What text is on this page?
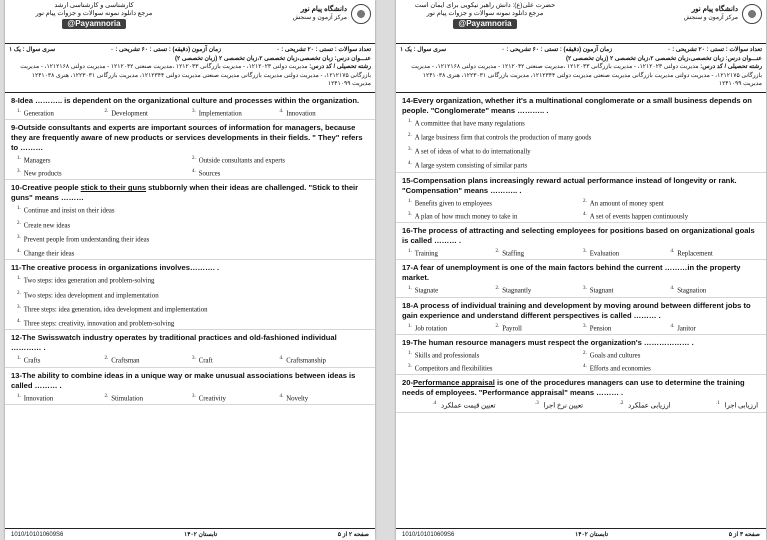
کارشناسی و کارشناسی ارشد
مرجع دانلود نمونه سوالات و جزوات پیام نور
@Payamnoria
دانشگاه پیام نور
مرکز آزمون و سنجش
تعداد سوالات : تستی : ۲۰ تشریحی : ۰
زمان آزمون (دقیقه) : تستی : ۶۰ تشریحی : ۰
سری سوال : یک ۱
عنـــوان درس: زبان تخصصی،زبان تخصصی ۲،زبان تخصصی ۲ (زبان تخصصی ۲)
رشته تحصیلی / کد درس: مدیریت دولتی ۱۲۱۲۰۲۳، - مدیریت بازرگانی ۱۲۱۲۰۳۳ ،مدیریت صنعتی ۱۲۱۲۰۴۲ - مدیریت دولتی ۱۲۱۲۱۶۸، - مدیریت بازرگانی ۱۲۱۲۱۷۵، - مدیریت دولتی مدیریت بازرگانی مدیریت صنعتی مدیریت دولتی ۱۲۱۲۳۴۴، مدیریت بازرگانی ۱۲۲۳۰۳۱، هنری ۱۲۴۱۰۳۸
مدیریت ۱۲۴۱۰۹۹
8-Idea ……….. is dependent on the organizational culture and processes within the organization.
$^{1.}$ Generation	$^{2.}$ Development	$^{3.}$ Implementation	$^{4.}$ Innovation
9-Outside consultants and experts are important sources of information for managers, because they are frequently aware of new products or services developments in their fields. " They" refers to ………
$^{1.}$ Managers	$^{2.}$ Outside consultants and experts
$^{3.}$ New products	$^{4.}$ Sources
10-Creative people stick to their guns stubbornly when their ideas are challenged. "Stick to their guns" means ………
$^{1.}$ Continue and insist on their ideas
$^{2.}$ Create new ideas
$^{3.}$ Prevent people from understanding their ideas
$^{4.}$ Change their ideas
11-The creative process in organizations involves………. .
$^{1.}$ Two steps: idea generation and problem-solving
$^{2.}$ Two steps: idea development and implementation
$^{3.}$ Three steps: idea generation, idea development and implementation
$^{4.}$ Three steps: creativity, innovation and problem-solving
12-The Swisswatch industry operates by traditional practices and old-fashioned individual ………… .
$^{1.}$ Crafts	$^{2.}$ Craftsman	$^{3.}$ Craft	$^{4.}$ Craftsmanship
13-The ability to combine ideas in a unique way or make unusual associations between ideas is called ……… .
$^{1.}$ Innovation	$^{2.}$ Stimulation	$^{3.}$ Creativity	$^{4.}$ Novelty
1010/101010609S6	تابستان ۱۴۰۲	صفحه ۲ از ۵
حضرت علی(ع): دانش راهبر نیکویی برای ایمان است
مرجع دانلود نمونه سوالات و جزوات پیام نور
@Payamnoria
دانشگاه پیام نور
مرکز آزمون و سنجش
تعداد سوالات : تستی : ۲۰ تشریحی : ۰
زمان آزمون (دقیقه) : تستی : ۶۰ تشریحی : ۰
سری سوال : یک ۱
عنـــوان درس: زبان تخصصی،زبان تخصصی ۲،زبان تخصصی ۲ (زبان تخصصی ۲)
رشته تحصیلی / کد درس: مدیریت دولتی ۱۲۱۲۰۲۳، - مدیریت بازرگانی ۱۲۱۲۰۳۳ ،مدیریت صنعتی ۱۲۱۲۰۴۲ - مدیریت دولتی ۱۲۱۲۱۶۸، - مدیریت بازرگانی ۱۲۱۲۱۷۵، - مدیریت دولتی مدیریت بازرگانی مدیریت صنعتی مدیریت دولتی ۱۲۱۲۳۴۴، مدیریت بازرگانی ۱۲۲۳۰۳۱، هنری ۱۲۴۱۰۳۸
مدیریت ۱۲۴۱۰۹۹
14-Every organization, whether it's a multinational conglomerate or a small business depends on people. "Conglomerate" means ……….. .
$^{1.}$ A committee that have many regulations
$^{2.}$ A large business firm that controls the production of many goods
$^{3.}$ A set of ideas of what to do internationally
$^{4.}$ A large system consisting of similar parts
15-Compensation plans increasingly reward actual performance instead of longevity or rank. "Compensation" means ……….. .
$^{1.}$ Benefits given to employees	$^{2.}$ An amount of money spent
$^{3.}$ A plan of how much money to take in	$^{4.}$ A set of events happen continuously
16-The process of attracting and selecting employees for positions based on organizational goals is called ……… .
$^{1.}$ Training	$^{2.}$ Staffing	$^{3.}$ Evaluation	$^{4.}$ Replacement
17-A fear of unemployment is one of the main factors behind the current ………in the property market.
$^{1.}$ Stagnate	$^{2.}$ Stagnantly	$^{3.}$ Stagnant	$^{4.}$ Stagnation
18-A process of individual training and development by moving around between different jobs to gain experience and understand different perspectives is called ……… .
$^{1.}$ Job rotation	$^{2.}$ Payroll	$^{3.}$ Pension	$^{4.}$ Janitor
19-The human resource managers must respect the organization's ……………… .
$^{1.}$ Skills and professionals	$^{2.}$ Goals and cultures
$^{3.}$ Competitors and flexibilities	$^{4.}$ Efforts and economies
20-Performance appraisal is one of the procedures managers can use to determine the training needs of employees. "Performance appraisal" means ……… .
ارزیابی اجرا $^{1.}$
ارزیابی عملکرد $^{2.}$
تعیین نرخ اجرا $^{3.}$
تعیین قیمت عملکرد $^{4.}$
1010/101010609S6	تابستان ۱۴۰۲	صفحه ۳ از ۵
